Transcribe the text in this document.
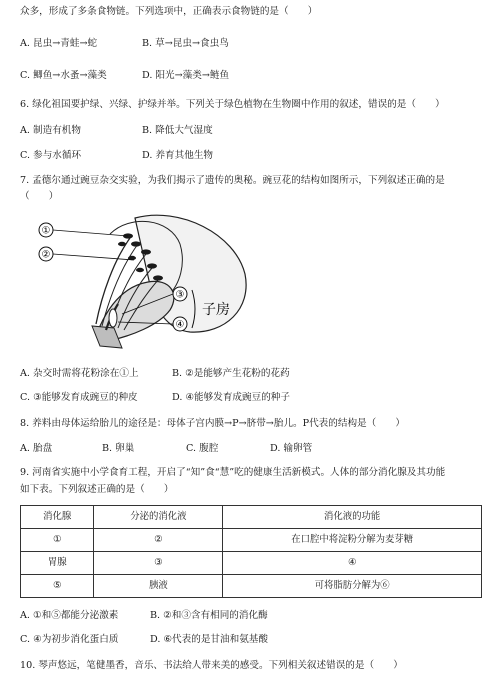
众多，形成了多条食物链。下列选项中，正确表示食物链的是（　　）
A. 昆虫→青蛙→蛇	B. 草→昆虫→食虫鸟
C. 鲫鱼→水蚤→藻类	D. 阳光→藻类→鲢鱼
6. 绿化祖国要护绿、兴绿、护绿并举。下列关于绿色植物在生物圈中作用的叙述，错误的是（　　）
A. 制造有机物	B. 降低大气湿度
C. 参与水循环	D. 养育其他生物
7. 孟德尔通过豌豆杂交实验，为我们揭示了遗传的奥秘。豌豆花的结构如图所示，下列叙述正确的是
（　　）
①
②
③
④
子房
A. 杂交时需将花粉涂在①上	B. ②是能够产生花粉的花药
C. ③能够发育成豌豆的种皮	D. ④能够发育成豌豆的种子
8. 养料由母体运给胎儿的途径是：母体子宫内膜→P→脐带→胎儿。P代表的结构是（　　）
A. 胎盘	B. 卵巢	C. 腹腔	D. 输卵管
9. 河南省实施中小学食育工程，开启了“知”食“慧”吃的健康生活新模式。人体的部分消化腺及其功能
如下表。下列叙述正确的是（　　）
消化腺	分泌的消化液	消化液的功能
①	②	在口腔中将淀粉分解为麦芽糖
胃腺	③	④
⑤	胰液	可将脂肪分解为⑥
A. ①和⑤都能分泌激素	B. ②和③含有相同的消化酶
C. ④为初步消化蛋白质	D. ⑥代表的是甘油和氨基酸
10. 琴声悠远，笔健墨香，音乐、书法给人带来美的感受。下列相关叙述错误的是（　　）
